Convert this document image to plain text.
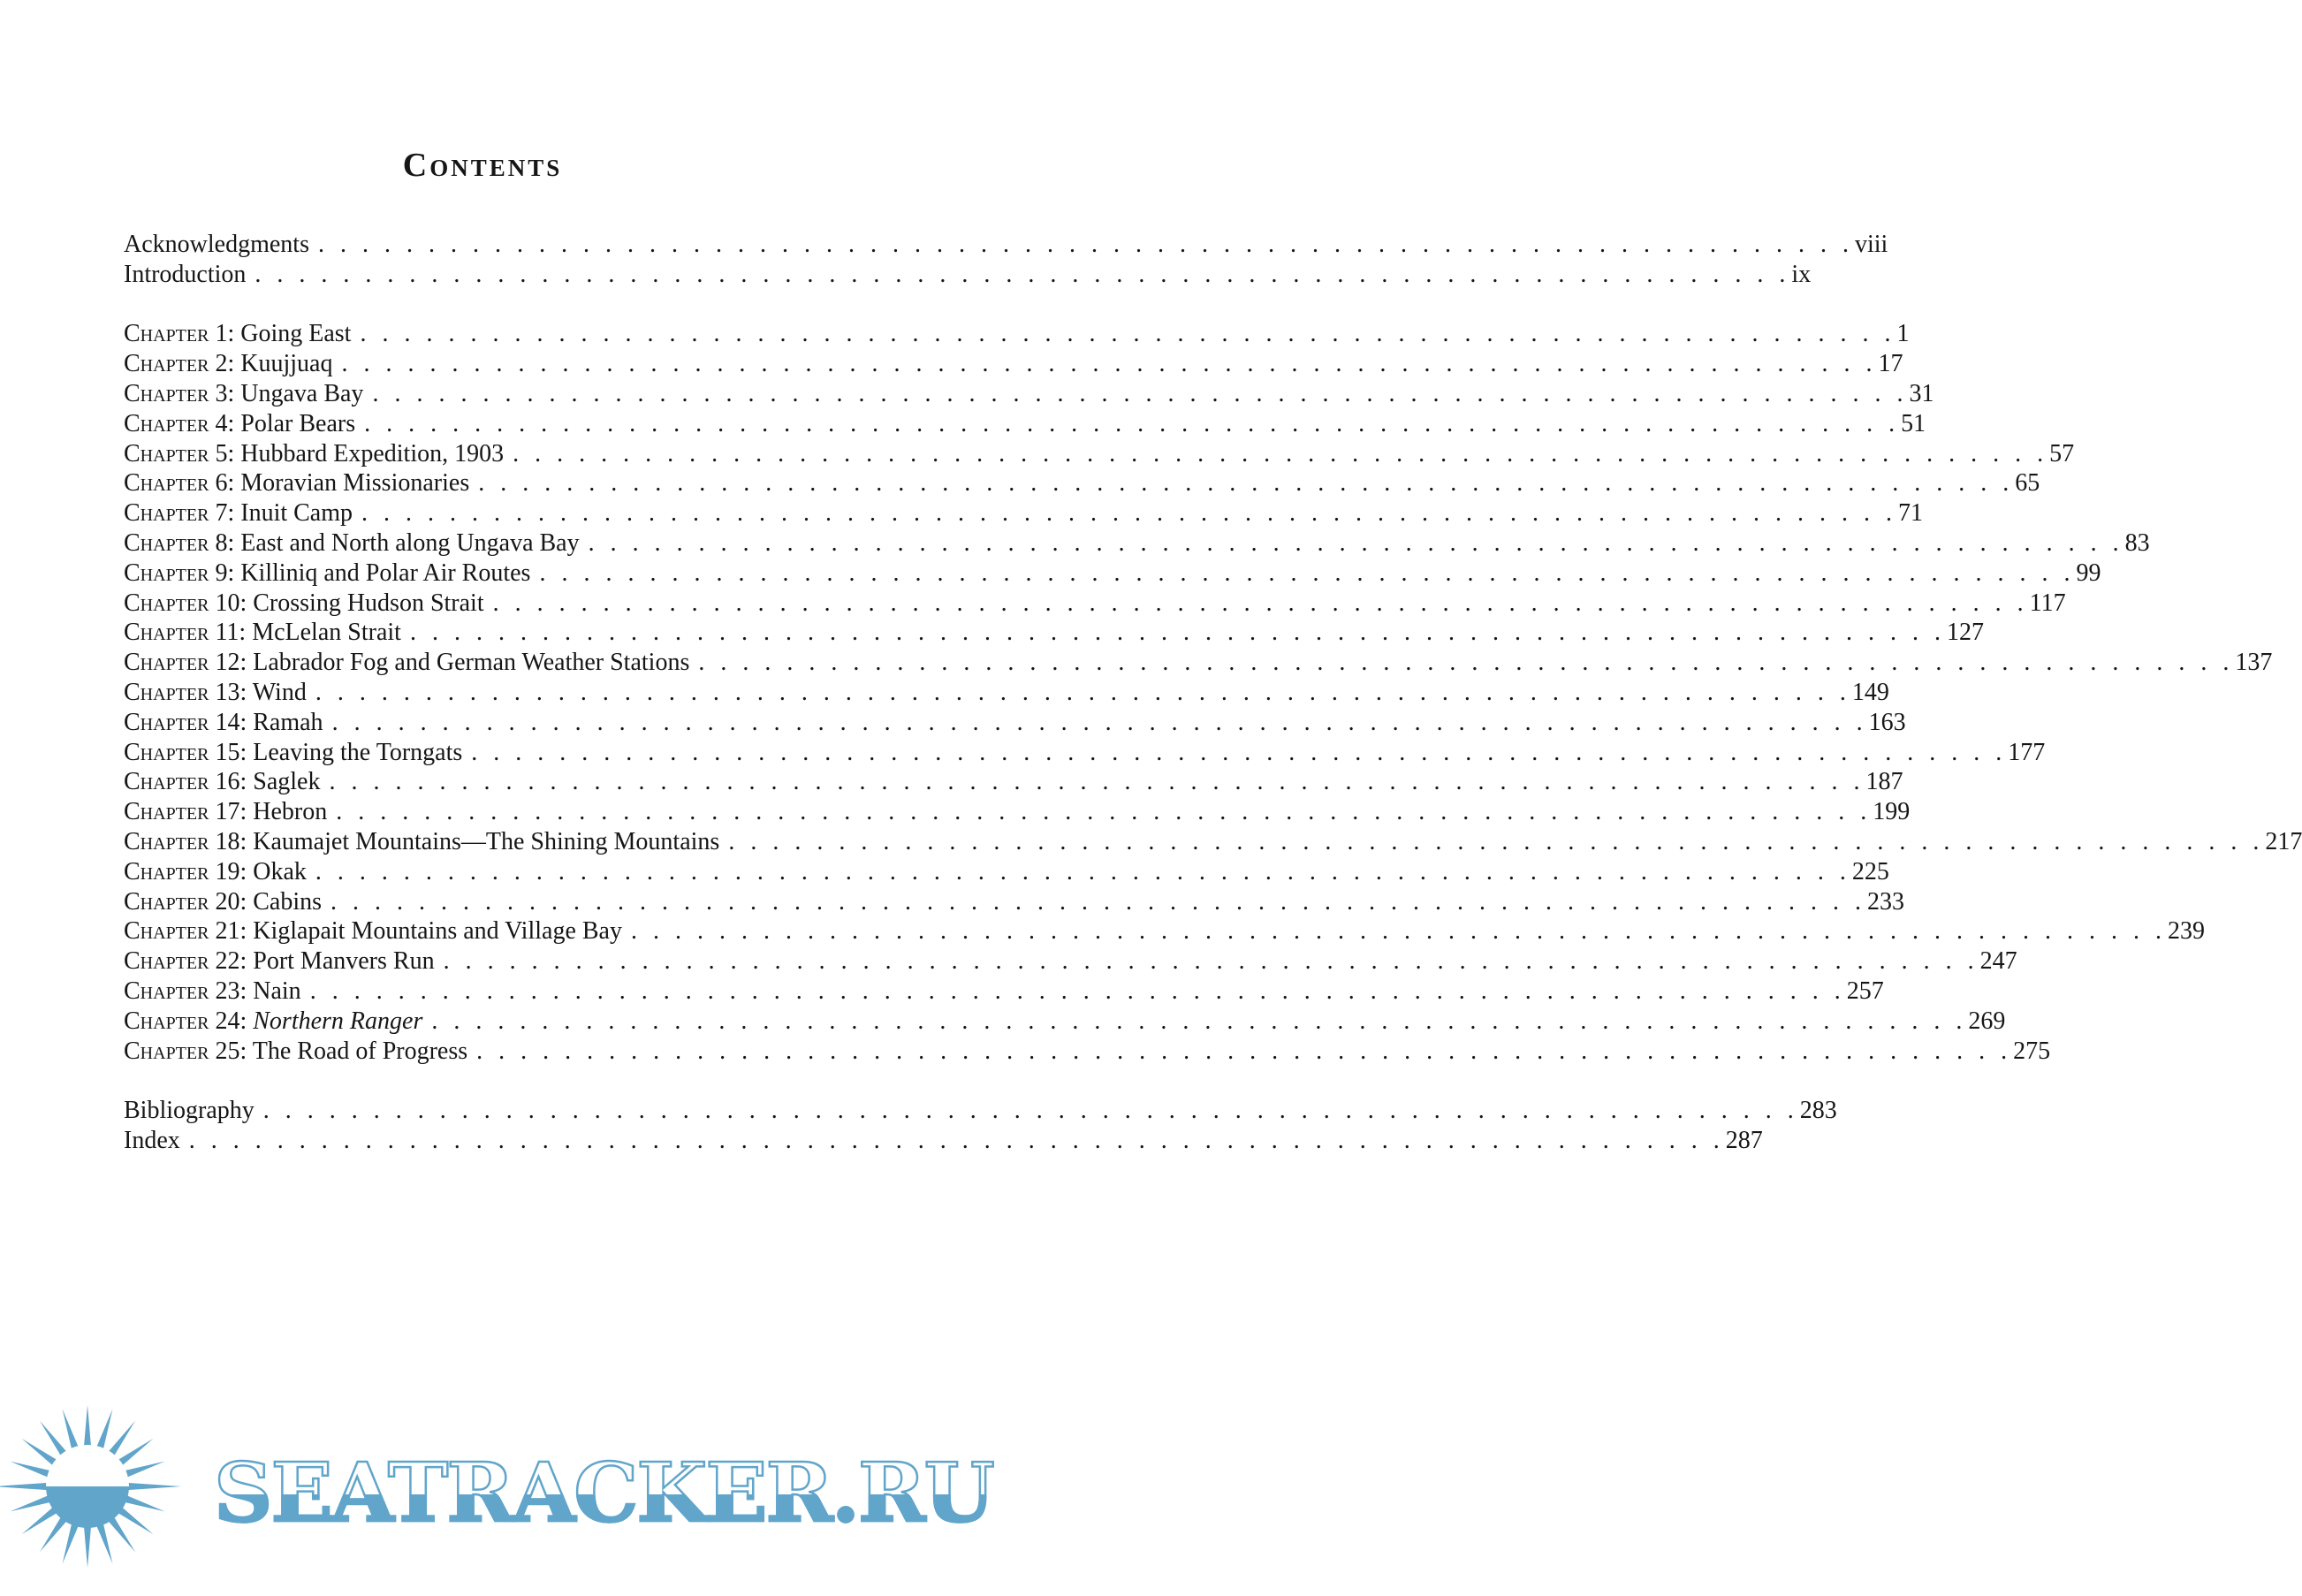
Contents
Acknowledgments . . . . . . . . . . . . . . . . . . . . . . . . . . . . . . . . . . . . . . . . . . . . . . . . . . . . . . . . . . . . . . . . . . . . . . viii
Introduction . . . . . . . . . . . . . . . . . . . . . . . . . . . . . . . . . . . . . . . . . . . . . . . . . . . . . . . . . . . . . . . . . . . . . . ix
Chapter 1: Going East . . . . . . . . . . . . . . . . . . . . . . . . . . . . . . . . . . . . . . . . . . . . . . . . . . . . . . . . . . . . . . . . . . . . . . 1
Chapter 2: Kuujjuaq . . . . . . . . . . . . . . . . . . . . . . . . . . . . . . . . . . . . . . . . . . . . . . . . . . . . . . . . . . . . . . . . . . . . . . 17
Chapter 3: Ungava Bay . . . . . . . . . . . . . . . . . . . . . . . . . . . . . . . . . . . . . . . . . . . . . . . . . . . . . . . . . . . . . . . . . . . . . . 31
Chapter 4: Polar Bears . . . . . . . . . . . . . . . . . . . . . . . . . . . . . . . . . . . . . . . . . . . . . . . . . . . . . . . . . . . . . . . . . . . . . . 51
Chapter 5: Hubbard Expedition, 1903 . . . . . . . . . . . . . . . . . . . . . . . . . . . . . . . . . . . . . . . . . . . . . . . . . . . . . . . . . . . . . . . . . . . . . . 57
Chapter 6: Moravian Missionaries . . . . . . . . . . . . . . . . . . . . . . . . . . . . . . . . . . . . . . . . . . . . . . . . . . . . . . . . . . . . . . . . . . . . . . 65
Chapter 7: Inuit Camp . . . . . . . . . . . . . . . . . . . . . . . . . . . . . . . . . . . . . . . . . . . . . . . . . . . . . . . . . . . . . . . . . . . . . . 71
Chapter 8: East and North along Ungava Bay . . . . . . . . . . . . . . . . . . . . . . . . . . . . . . . . . . . . . . . . . . . . . . . . . . . . . . . . . . . . . . . . . . . . . . 83
Chapter 9: Killiniq and Polar Air Routes . . . . . . . . . . . . . . . . . . . . . . . . . . . . . . . . . . . . . . . . . . . . . . . . . . . . . . . . . . . . . . . . . . . . . . 99
Chapter 10: Crossing Hudson Strait . . . . . . . . . . . . . . . . . . . . . . . . . . . . . . . . . . . . . . . . . . . . . . . . . . . . . . . . . . . . . . . . . . . . . . 117
Chapter 11: McLelan Strait . . . . . . . . . . . . . . . . . . . . . . . . . . . . . . . . . . . . . . . . . . . . . . . . . . . . . . . . . . . . . . . . . . . . . . 127
Chapter 12: Labrador Fog and German Weather Stations . . . . . . . . . . . . . . . . . . . . . . . . . . . . . . . . . . . . . . . . . . . . . . . . . . . . . . . . . . . . . . . . . . . . . . 137
Chapter 13: Wind . . . . . . . . . . . . . . . . . . . . . . . . . . . . . . . . . . . . . . . . . . . . . . . . . . . . . . . . . . . . . . . . . . . . . . 149
Chapter 14: Ramah . . . . . . . . . . . . . . . . . . . . . . . . . . . . . . . . . . . . . . . . . . . . . . . . . . . . . . . . . . . . . . . . . . . . . . 163
Chapter 15: Leaving the Torngats . . . . . . . . . . . . . . . . . . . . . . . . . . . . . . . . . . . . . . . . . . . . . . . . . . . . . . . . . . . . . . . . . . . . . . 177
Chapter 16: Saglek . . . . . . . . . . . . . . . . . . . . . . . . . . . . . . . . . . . . . . . . . . . . . . . . . . . . . . . . . . . . . . . . . . . . . . 187
Chapter 17: Hebron . . . . . . . . . . . . . . . . . . . . . . . . . . . . . . . . . . . . . . . . . . . . . . . . . . . . . . . . . . . . . . . . . . . . . . 199
Chapter 18: Kaumajet Mountains—The Shining Mountains . . . . . . . . . . . . . . . . . . . . . . . . . . . . . . . . . . . . . . . . . . . . . . . . . . . . . . . . . . . . . . . . . . . . . . 217
Chapter 19: Okak . . . . . . . . . . . . . . . . . . . . . . . . . . . . . . . . . . . . . . . . . . . . . . . . . . . . . . . . . . . . . . . . . . . . . . 225
Chapter 20: Cabins . . . . . . . . . . . . . . . . . . . . . . . . . . . . . . . . . . . . . . . . . . . . . . . . . . . . . . . . . . . . . . . . . . . . . . 233
Chapter 21: Kiglapait Mountains and Village Bay . . . . . . . . . . . . . . . . . . . . . . . . . . . . . . . . . . . . . . . . . . . . . . . . . . . . . . . . . . . . . . . . . . . . . . 239
Chapter 22: Port Manvers Run . . . . . . . . . . . . . . . . . . . . . . . . . . . . . . . . . . . . . . . . . . . . . . . . . . . . . . . . . . . . . . . . . . . . . . 247
Chapter 23: Nain . . . . . . . . . . . . . . . . . . . . . . . . . . . . . . . . . . . . . . . . . . . . . . . . . . . . . . . . . . . . . . . . . . . . . . 257
Chapter 24: Northern Ranger . . . . . . . . . . . . . . . . . . . . . . . . . . . . . . . . . . . . . . . . . . . . . . . . . . . . . . . . . . . . . . . . . . . . . . 269
Chapter 25: The Road of Progress . . . . . . . . . . . . . . . . . . . . . . . . . . . . . . . . . . . . . . . . . . . . . . . . . . . . . . . . . . . . . . . . . . . . . . 275
Bibliography . . . . . . . . . . . . . . . . . . . . . . . . . . . . . . . . . . . . . . . . . . . . . . . . . . . . . . . . . . . . . . . . . . . . . . 283
Index . . . . . . . . . . . . . . . . . . . . . . . . . . . . . . . . . . . . . . . . . . . . . . . . . . . . . . . . . . . . . . . . . . . . . . 287
SEATRACKER.RU
